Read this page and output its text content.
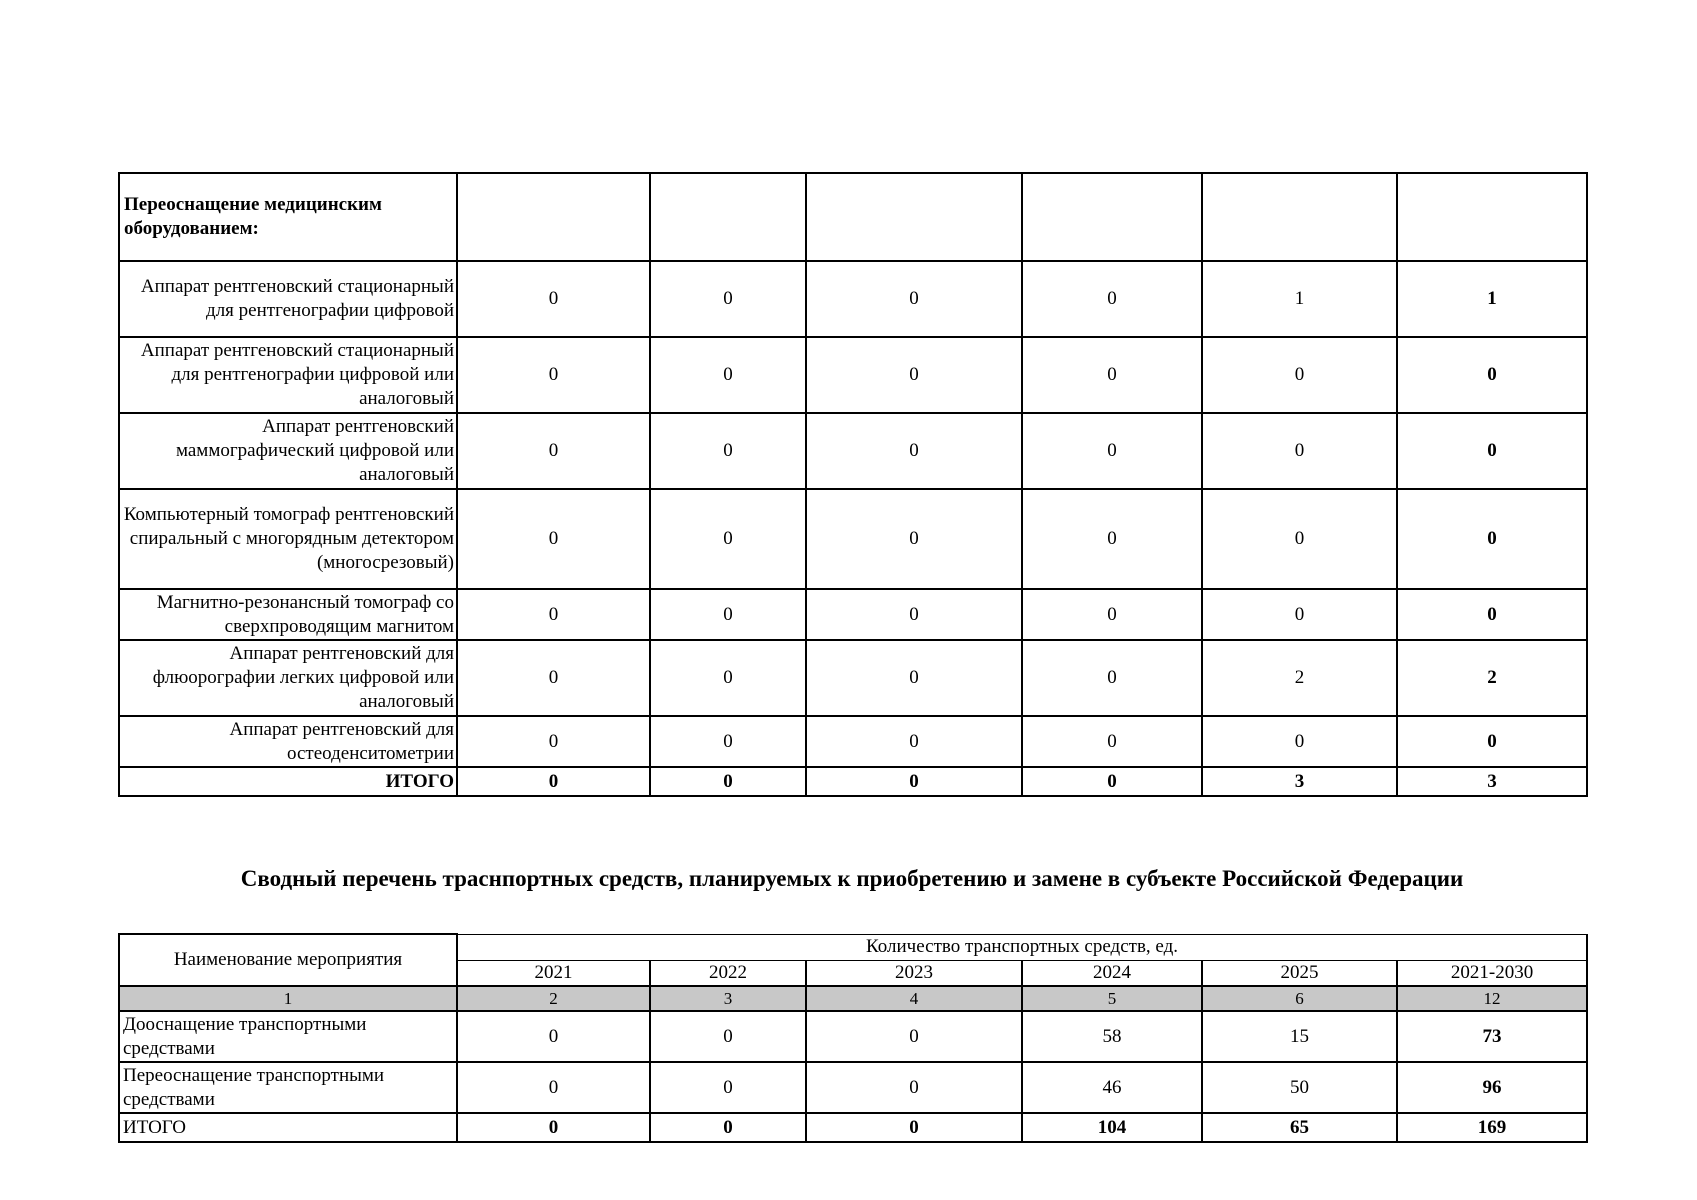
Переоснащение медицинским оборудованием:						
Аппарат рентгеновский стационарный для рентгенографии цифровой	0	0	0	0	1	1
Аппарат рентгеновский стационарный для рентгенографии цифровой или аналоговый	0	0	0	0	0	0
Аппарат рентгеновский маммографический цифровой или аналоговый	0	0	0	0	0	0
Компьютерный томограф рентгеновский спиральный с многорядным детектором (многосрезовый)	0	0	0	0	0	0
Магнитно-резонансный томограф со сверхпроводящим магнитом	0	0	0	0	0	0
Аппарат рентгеновский для флюорографии легких цифровой или аналоговый	0	0	0	0	2	2
Аппарат рентгеновский для остеоденситометрии	0	0	0	0	0	0
ИТОГО	0	0	0	0	3	3
Сводный перечень траснпортных средств, планируемых к приобретению и замене в субъекте Российской Федерации
Наименование мероприятия	Количество транспортных средств, ед.					
	2021	2022	2023	2024	2025	2021-2030
1	2	3	4	5	6	12
Дооснащение транспортными средствами	0	0	0	58	15	73
Переоснащение транспортными средствами	0	0	0	46	50	96
ИТОГО	0	0	0	104	65	169
